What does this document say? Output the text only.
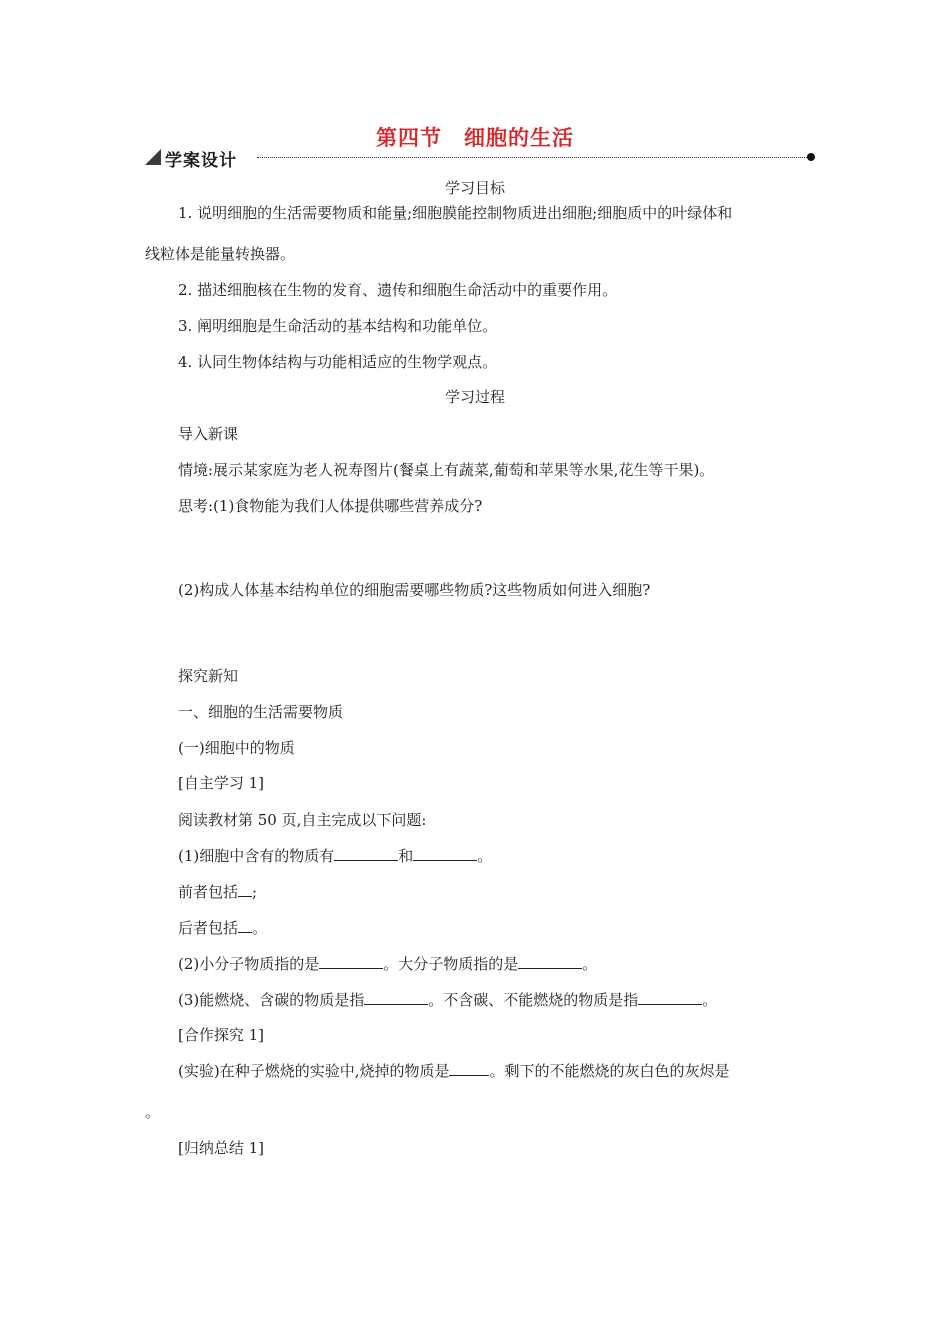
第四节　细胞的生活
学案设计
学习目标
1. 说明细胞的生活需要物质和能量;细胞膜能控制物质进出细胞;细胞质中的叶绿体和
线粒体是能量转换器。
2. 描述细胞核在生物的发育、遗传和细胞生命活动中的重要作用。
3. 阐明细胞是生命活动的基本结构和功能单位。
4. 认同生物体结构与功能相适应的生物学观点。
学习过程
导入新课
情境:展示某家庭为老人祝寿图片(餐桌上有蔬菜,葡萄和苹果等水果,花生等干果)。
思考:(1)食物能为我们人体提供哪些营养成分?
(2)构成人体基本结构单位的细胞需要哪些物质?这些物质如何进入细胞?
探究新知
一、细胞的生活需要物质
(一)细胞中的物质
[自主学习 1]
阅读教材第 50 页,自主完成以下问题:
(1)细胞中含有的物质有	和	。
前者包括 ;
后者包括 。
(2)小分子物质指的是	。大分子物质指的是	。
(3)能燃烧、含碳的物质是指	。不含碳、不能燃烧的物质是指	。
[合作探究 1]
(实验)在种子燃烧的实验中,烧掉的物质是	。剩下的不能燃烧的灰白色的灰烬是
。
[归纳总结 1]
